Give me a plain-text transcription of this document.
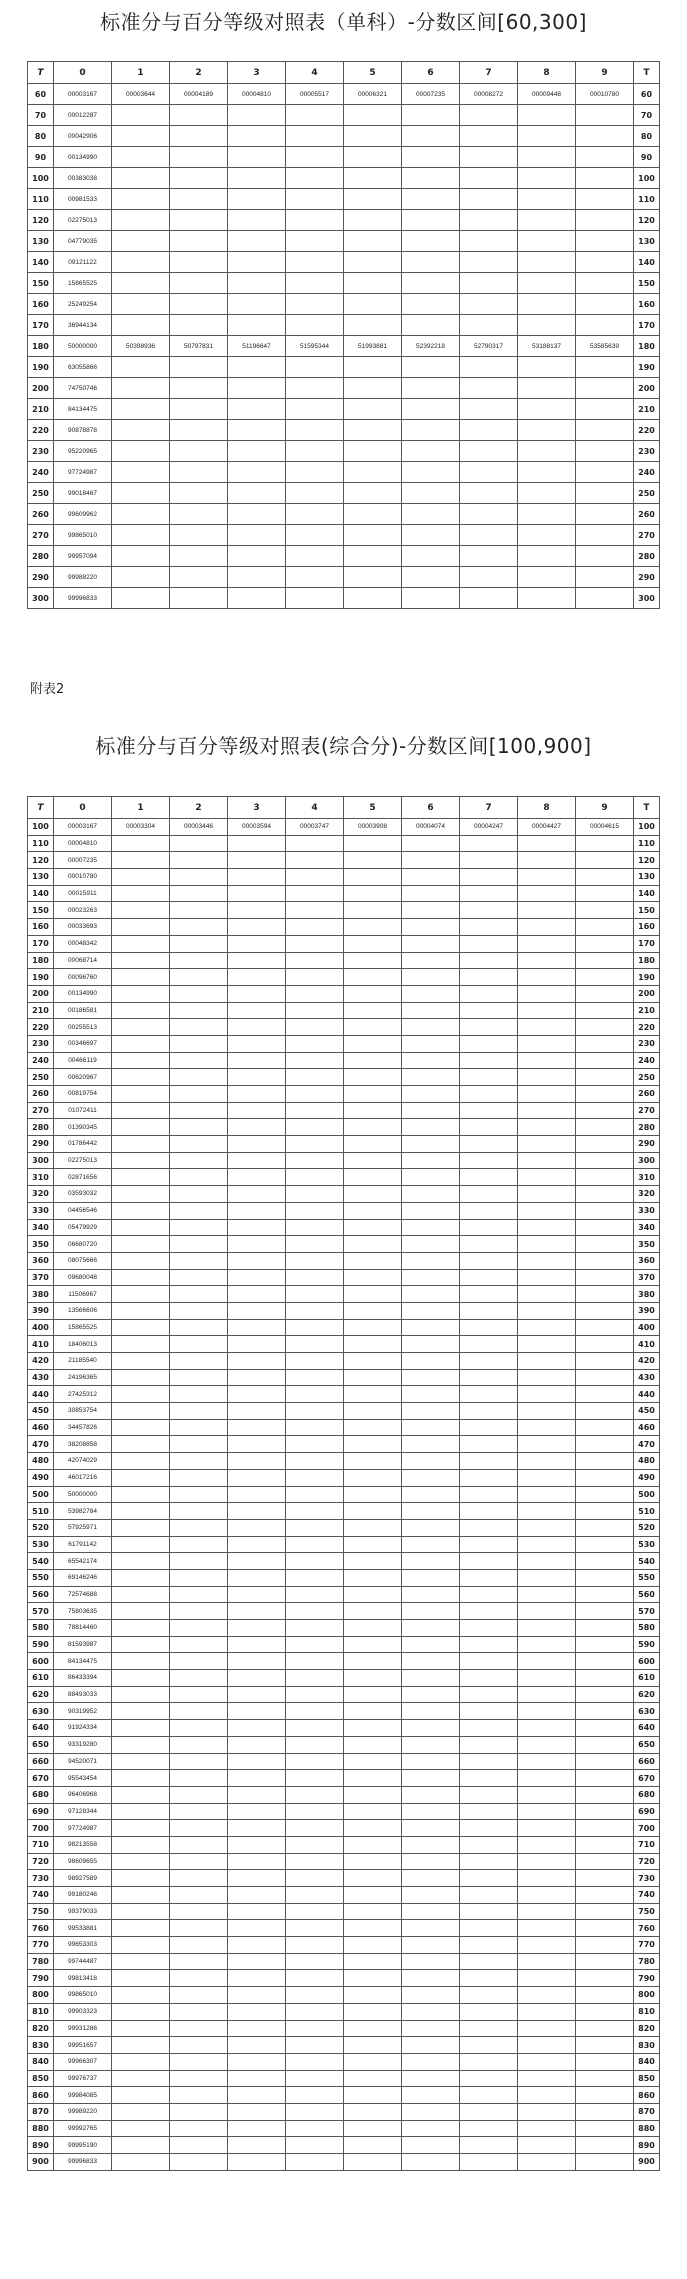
标准分与百分等级对照表（单科）-分数区间[60,300]
T	0	1	2	3	4	5	6	7	8	9	T
60	00003167	00003644	00004189	00004810	00005517	00006321	00007235	00008272	00009448	00010780	60
70	00012287										70
80	00042906										80
90	00134990										90
100	00383038										100
110	00981533										110
120	02275013										120
130	04779035										130
140	09121122										140
150	15865525										150
160	25249254										160
170	36944134										170
180	50000000	50398936	50797831	51196647	51595344	51993881	52392218	52790317	53188137	53585639	180
190	63055866										190
200	74750746										200
210	84134475										210
220	90878878										220
230	95220965										230
240	97724987										240
250	99018467										250
260	99609962										260
270	99865010										270
280	99957094										280
290	99988220										290
300	99996833										300
附表2
标准分与百分等级对照表(综合分)-分数区间[100,900]
T	0	1	2	3	4	5	6	7	8	9	T
100	00003167	00003304	00003446	00003594	00003747	00003908	00004074	00004247	00004427	00004615	100
110	00004810										110
120	00007235										120
130	00010780										130
140	00015911										140
150	00023263										150
160	00033693										160
170	00048342										170
180	00068714										180
190	00096760										190
200	00134990										200
210	00186581										210
220	00255513										220
230	00346697										230
240	00466119										240
250	00620967										250
260	00819754										260
270	01072411										270
280	01390345										280
290	01786442										290
300	02275013										300
310	02871656										310
320	03593032										320
330	04456546										330
340	05479929										340
350	06680720										350
360	08075666										360
370	09680048										370
380	11506967										380
390	13566606										390
400	15865525										400
410	18406013										410
420	21185540										420
430	24196365										430
440	27425312										440
450	30853754										450
460	34457826										460
470	38208858										470
480	42074029										480
490	46017216										490
500	50000000										500
510	53982784										510
520	57925971										520
530	61791142										530
540	65542174										540
550	69146246										550
560	72574688										560
570	75803635										570
580	78814460										580
590	81593987										590
600	84134475										600
610	86433394										610
620	88493033										620
630	90319952										630
640	91924334										640
650	93319280										650
660	94520071										660
670	95543454										670
680	96406968										680
690	97128344										690
700	97724987										700
710	98213558										710
720	98609655										720
730	98927589										730
740	99180246										740
750	99379033										750
760	99533881										760
770	99653303										770
780	99744487										780
790	99813418										790
800	99865010										800
810	99903323										810
820	99931286										820
830	99951657										830
840	99966307										840
850	99976737										850
860	99984085										860
870	99989220										870
880	99992765										880
890	99995190										890
900	99996833										900
